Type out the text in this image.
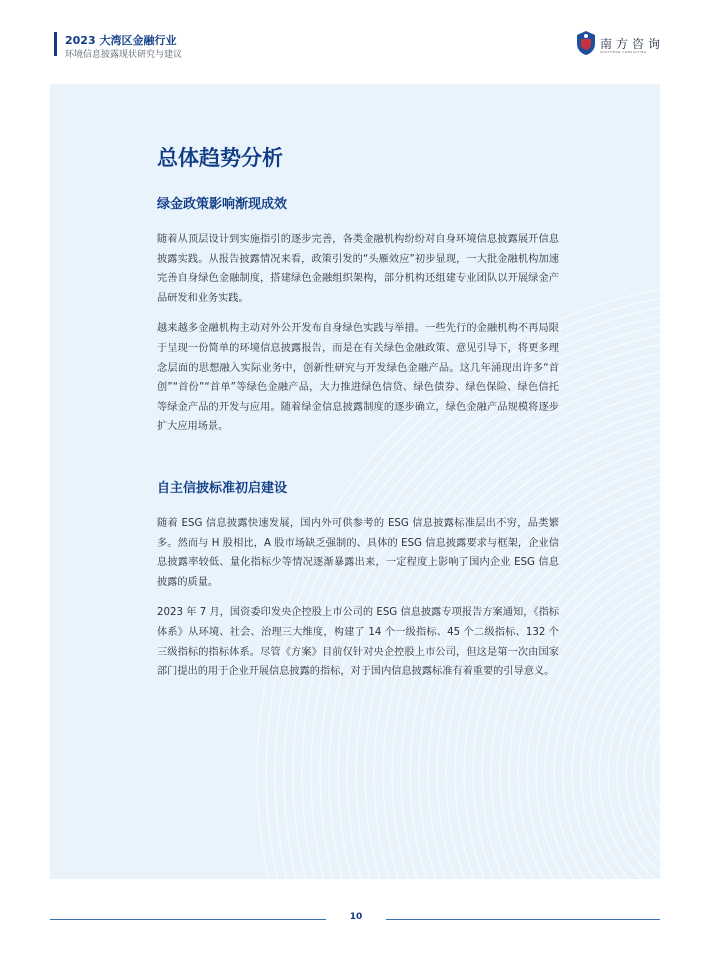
2023 大湾区金融行业
环境信息披露现状研究与建议
南方咨询
SOUTHERN CONSULTING
总体趋势分析
绿金政策影响渐现成效

随着从顶层设计到实施指引的逐步完善，各类金融机构纷纷对自身环境信息披露展开信息披露实践。从报告披露情况来看，政策引发的“头雁效应”初步显现，一大批金融机构加速完善自身绿色金融制度，搭建绿色金融组织架构，部分机构还组建专业团队以开展绿金产品研发和业务实践。

越来越多金融机构主动对外公开发布自身绿色实践与举措。一些先行的金融机构不再局限于呈现一份简单的环境信息披露报告，而是在有关绿色金融政策、意见引导下，将更多理念层面的思想融入实际业务中，创新性研究与开发绿色金融产品。这几年涌现出许多“首创”“首份”“首单”等绿色金融产品，大力推进绿色信贷、绿色债券、绿色保险、绿色信托等绿金产品的开发与应用。随着绿金信息披露制度的逐步确立，绿色金融产品规模将逐步扩大应用场景。

自主信披标准初启建设

随着 ESG 信息披露快速发展，国内外可供参考的 ESG 信息披露标准层出不穷，品类繁多。然而与 H 股相比，A 股市场缺乏强制的、具体的 ESG 信息披露要求与框架，企业信息披露率较低、量化指标少等情况逐渐暴露出来，一定程度上影响了国内企业 ESG 信息披露的质量。

2023 年 7 月，国资委印发央企控股上市公司的 ESG 信息披露专项报告方案通知，《指标体系》从环境、社会、治理三大维度，构建了 14 个一级指标、45 个二级指标、132 个三级指标的指标体系。尽管《方案》目前仅针对央企控股上市公司，但这是第一次由国家部门提出的用于企业开展信息披露的指标，对于国内信息披露标准有着重要的引导意义。

10
